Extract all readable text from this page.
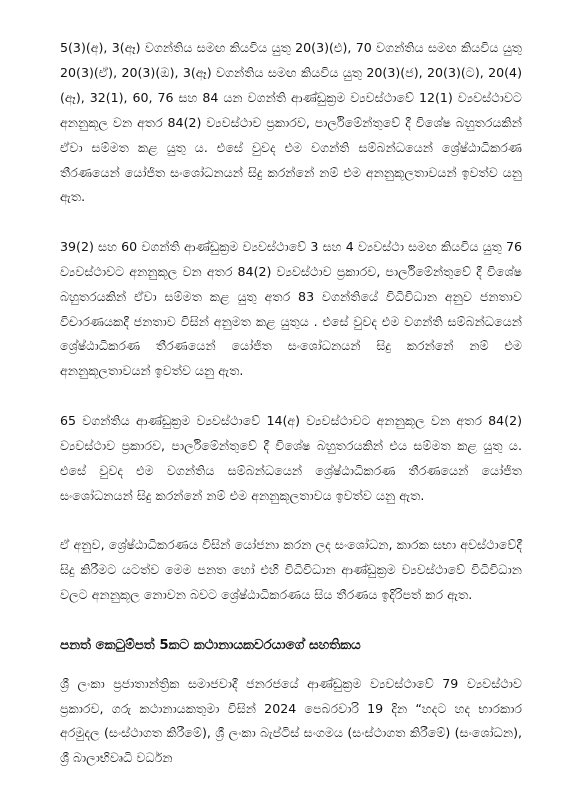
5(3)(අ), 3(ඈ) වගන්තිය සමඟ කියවිය යුතු 20(3)(එ), 70 වගන්තිය සමඟ කියවිය යුතු 20(3)(ඒ), 20(3)(ඔ), 3(ඈ) වගන්තිය සමඟ කියවිය යුතු 20(3)(ජ), 20(3)(ට), 20(4)(ඈ), 32(1), 60, 76 සහ 84 යන වගන්ති ආණ්ඩුක්‍රම ව්‍යවස්ථාවේ 12(1) ව්‍යවස්ථාවට අනනුකූල වන අතර 84(2) ව්‍යවස්ථාව ප්‍රකාරව, පාර්ලිමේන්තුවේ දී විශේෂ බහුතරයකින් ඒවා සම්මත කළ යුතු ය. එසේ වුවද එම වගන්ති සම්බන්ධයෙන් ශ්‍රේෂ්ඨාධිකරණ තීරණයෙන් යෝජිත සංශෝධනයන් සිදු කරන්නේ නම් එම අනනුකූලතාවයන් ඉවත්ව යනු ඇත.

39(2) සහ 60 වගන්ති ආණ්ඩුක්‍රම ව්‍යවස්ථාවේ 3 සහ 4 ව්‍යවස්ථා සමඟ කියවිය යුතු 76 ව්‍යවස්ථාවට අනනුකූල වන අතර 84(2) ව්‍යවස්ථාව ප්‍රකාරව, පාර්ලිමේන්තුවේ දී විශේෂ බහුතරයකින් ඒවා සම්මත කළ යුතු අතර 83 වගන්තියේ විධිවිධාන අනුව ජනතාව විචාරණයකදී ජනතාව විසින් අනුමත කළ යුතුය . එසේ වුවද එම වගන්ති සම්බන්ධයෙන් ශ්‍රේෂ්ඨාධිකරණ තීරණයෙන් යෝජිත සංශෝධනයන් සිදු කරන්නේ නම් එම අනනුකූලතාවයන් ඉවත්ව යනු ඇත.

65 වගන්තිය ආණ්ඩුක්‍රම ව්‍යවස්ථාවේ 14(අ) ව්‍යවස්ථාවට අනනුකූල වන අතර 84(2) ව්‍යවස්ථාව ප්‍රකාරව, පාර්ලිමේන්තුවේ දී විශේෂ බහුතරයකින් එය සම්මත කළ යුතු ය. එසේ වුවද එම වගන්තිය සම්බන්ධයෙන් ශ්‍රේෂ්ඨාධිකරණ තීරණයෙන් යෝජිත සංශෝධනයන් සිදු කරන්නේ නම් එම අනනුකූලතාවය ඉවත්ව යනු ඇත.

ඒ අනුව, ශ්‍රේෂ්ඨාධිකරණය විසින් යෝජනා කරන ලද සංශෝධන, කාරක සභා අවස්ථාවේදී සිදු කිරීමට යටත්ව මෙම පනත හෝ එහි විධිවිධාන ආණ්ඩුක්‍රම ව්‍යවස්ථාවේ විධිවිධාන වලට අනනුකූල නොවන බවට ශ්‍රේෂ්ඨාධිකරණය සිය තීරණය ඉදිරිපත් කර ඇත.

පනත් කෙටුම්පත් 5කට කථානායකවරයාගේ සහතිකය

ශ්‍රී ලංකා ප්‍රජාතාන්ත්‍රික සමාජවාදී ජනරජයේ ආණ්ඩුක්‍රම ව්‍යවස්ථාවේ 79 ව්‍යවස්ථාව ප්‍රකාරව, ගරු කථානායකතුමා විසින් 2024 පෙබරවාරි 19 දින “හදට හද භාරකාර අරමුදල (සංස්ථාගත කිරීමේ), ශ්‍රී ලංකා බැප්ටිස් සංගමය (සංස්ථාගත කිරීමේ) (සංශෝධන), ශ්‍රී බාලාභිවෘධි වර්ධන
